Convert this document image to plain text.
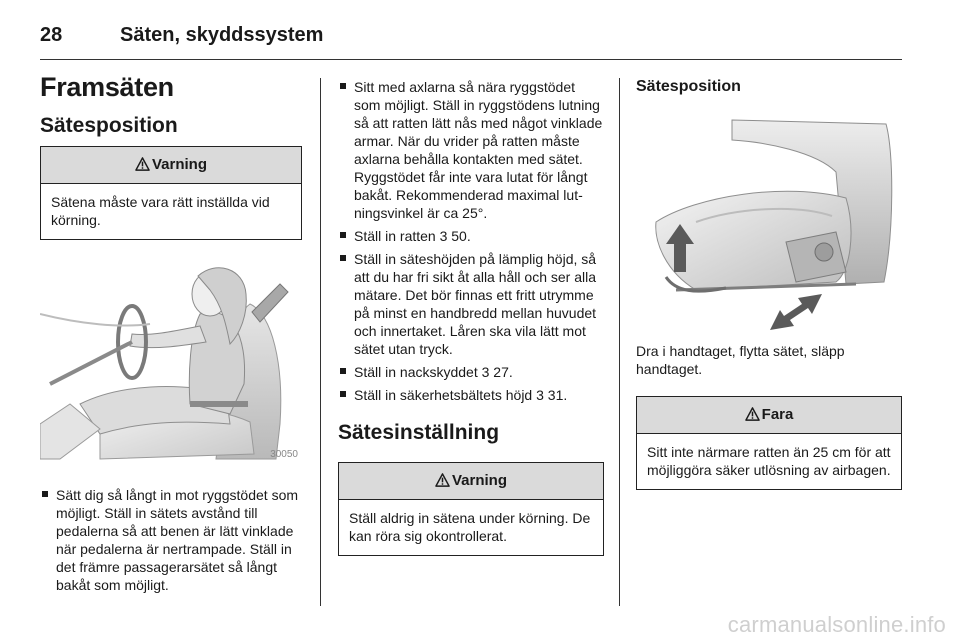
28	Säten, skyddssystem
Framsäten
Sätesposition
Varning
Sätena måste vara rätt inställda vid körning.
30050
Sätt dig så långt in mot ryggstödet som möjligt. Ställ in sätets avstånd till pedalerna så att benen är lätt vinklade när pedalerna är nertrampade. Ställ in det främre passagerarsätet så långt bakåt som möjligt.
Sitt med axlarna så nära ryggstödet som möjligt. Ställ in ryggstödens lutning så att ratten lätt nås med något vinklade armar. När du vrider på ratten måste axlarna behålla kontakten med sätet. Ryggstödet får inte vara lutat för långt bakåt. Rekommenderad maximal lutningsvinkel är ca 25°.
Ställ in ratten 3 50.
Ställ in säteshöjden på lämplig höjd, så att du har fri sikt åt alla håll och ser alla mätare. Det bör finnas ett fritt utrymme på minst en handbredd mellan huvudet och innertaket. Låren ska vila lätt mot sätet utan tryck.
Ställ in nackskyddet 3 27.
Ställ in säkerhetsbältets höjd 3 31.
Sätesinställning
Varning
Ställ aldrig in sätena under körning. De kan röra sig okontrollerat.
Sätesposition

Dra i handtaget, flytta sätet, släpp handtaget.

Fara
Sitt inte närmare ratten än 25 cm för att möjliggöra säker utlösning av airbagen.
carmanualsonline.info
